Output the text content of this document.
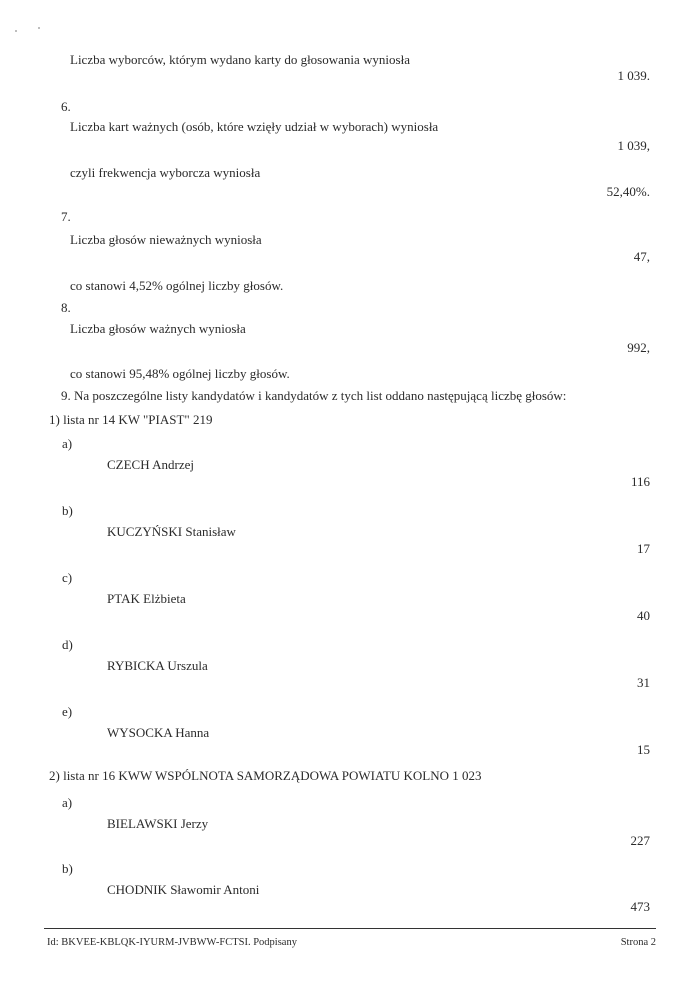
Liczba wyborców, którym wydano karty do głosowania wyniosła
1 039.
6.
Liczba kart ważnych (osób, które wzięły udział w wyborach) wyniosła
1 039,
czyli frekwencja wyborcza wyniosła
52,40%.
7.
Liczba głosów nieważnych wyniosła
47,
co stanowi 4,52% ogólnej liczby głosów.
8.
Liczba głosów ważnych wyniosła
992,
co stanowi 95,48% ogólnej liczby głosów.
9. Na poszczególne listy kandydatów i kandydatów z tych list oddano następującą liczbę głosów:
1) lista nr 14 KW "PIAST" 219
a)
CZECH Andrzej
116
b)
KUCZYŃSKI Stanisław
17
c)
PTAK Elżbieta
40
d)
RYBICKA Urszula
31
e)
WYSOCKA Hanna
15
2) lista nr 16 KWW WSPÓLNOTA SAMORZĄDOWA POWIATU KOLNO 1 023
a)
BIELAWSKI Jerzy
227
b)
CHODNIK Sławomir Antoni
473
Id: BKVEE-KBLQK-IYURM-JVBWW-FCTSI. Podpisany	Strona 2
